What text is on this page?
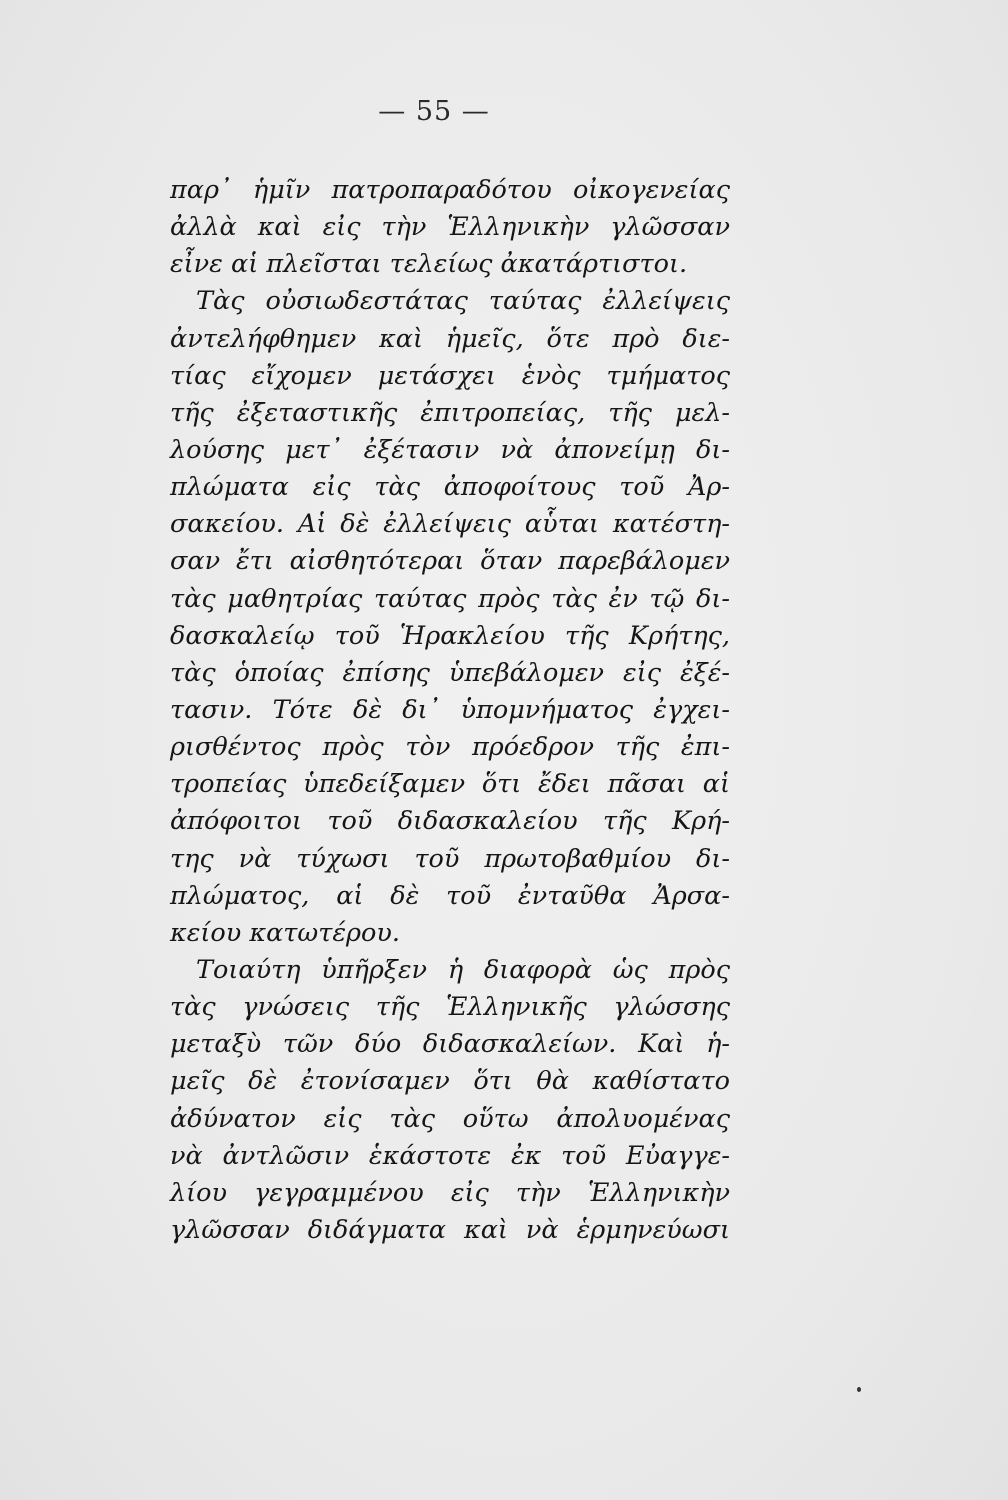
— 55 —
παρ᾽ ἡμῖν πατροπαραδότου οἰκογενείας
ἀλλὰ καὶ εἰς τὴν Ἑλληνικὴν γλῶσσαν
εἶνε αἱ πλεῖσται τελείως ἀκατάρτιστοι.
Τὰς οὐσιωδεστάτας ταύτας ἐλλείψεις
ἀντελήφθημεν καὶ ἡμεῖς, ὅτε πρὸ διε-
τίας εἴχομεν μετάσχει ἑνὸς τμήματος
τῆς ἐξεταστικῆς ἐπιτροπείας, τῆς μελ-
λούσης μετ᾽ ἐξέτασιν νὰ ἀπονείμῃ δι-
πλώματα εἰς τὰς ἀποφοίτους τοῦ Ἀρ-
σακείου. Αἱ δὲ ἐλλείψεις αὗται κατέστη-
σαν ἔτι αἰσθητότεραι ὅταν παρεβάλομεν
τὰς μαθητρίας ταύτας πρὸς τὰς ἐν τῷ δι-
δασκαλείῳ τοῦ Ἡρακλείου τῆς Κρήτης,
τὰς ὁποίας ἐπίσης ὑπεβάλομεν εἰς ἐξέ-
τασιν. Τότε δὲ δι᾽ ὑπομνήματος ἐγχει-
ρισθέντος πρὸς τὸν πρόεδρον τῆς ἐπι-
τροπείας ὑπεδείξαμεν ὅτι ἔδει πᾶσαι αἱ
ἀπόφοιτοι τοῦ διδασκαλείου τῆς Κρή-
της νὰ τύχωσι τοῦ πρωτοβαθμίου δι-
πλώματος, αἱ δὲ τοῦ ἐνταῦθα Ἀρσα-
κείου κατωτέρου.
Τοιαύτη ὑπῆρξεν ἡ διαφορὰ ὡς πρὸς
τὰς γνώσεις τῆς Ἑλληνικῆς γλώσσης
μεταξὺ τῶν δύο διδασκαλείων. Καὶ ἡ-
μεῖς δὲ ἐτονίσαμεν ὅτι θὰ καθίστατο
ἀδύνατον εἰς τὰς οὕτω ἀπολυομένας
νὰ ἀντλῶσιν ἑκάστοτε ἐκ τοῦ Εὐαγγε-
λίου γεγραμμένου εἰς τὴν Ἑλληνικὴν
γλῶσσαν διδάγματα καὶ νὰ ἑρμηνεύωσι
